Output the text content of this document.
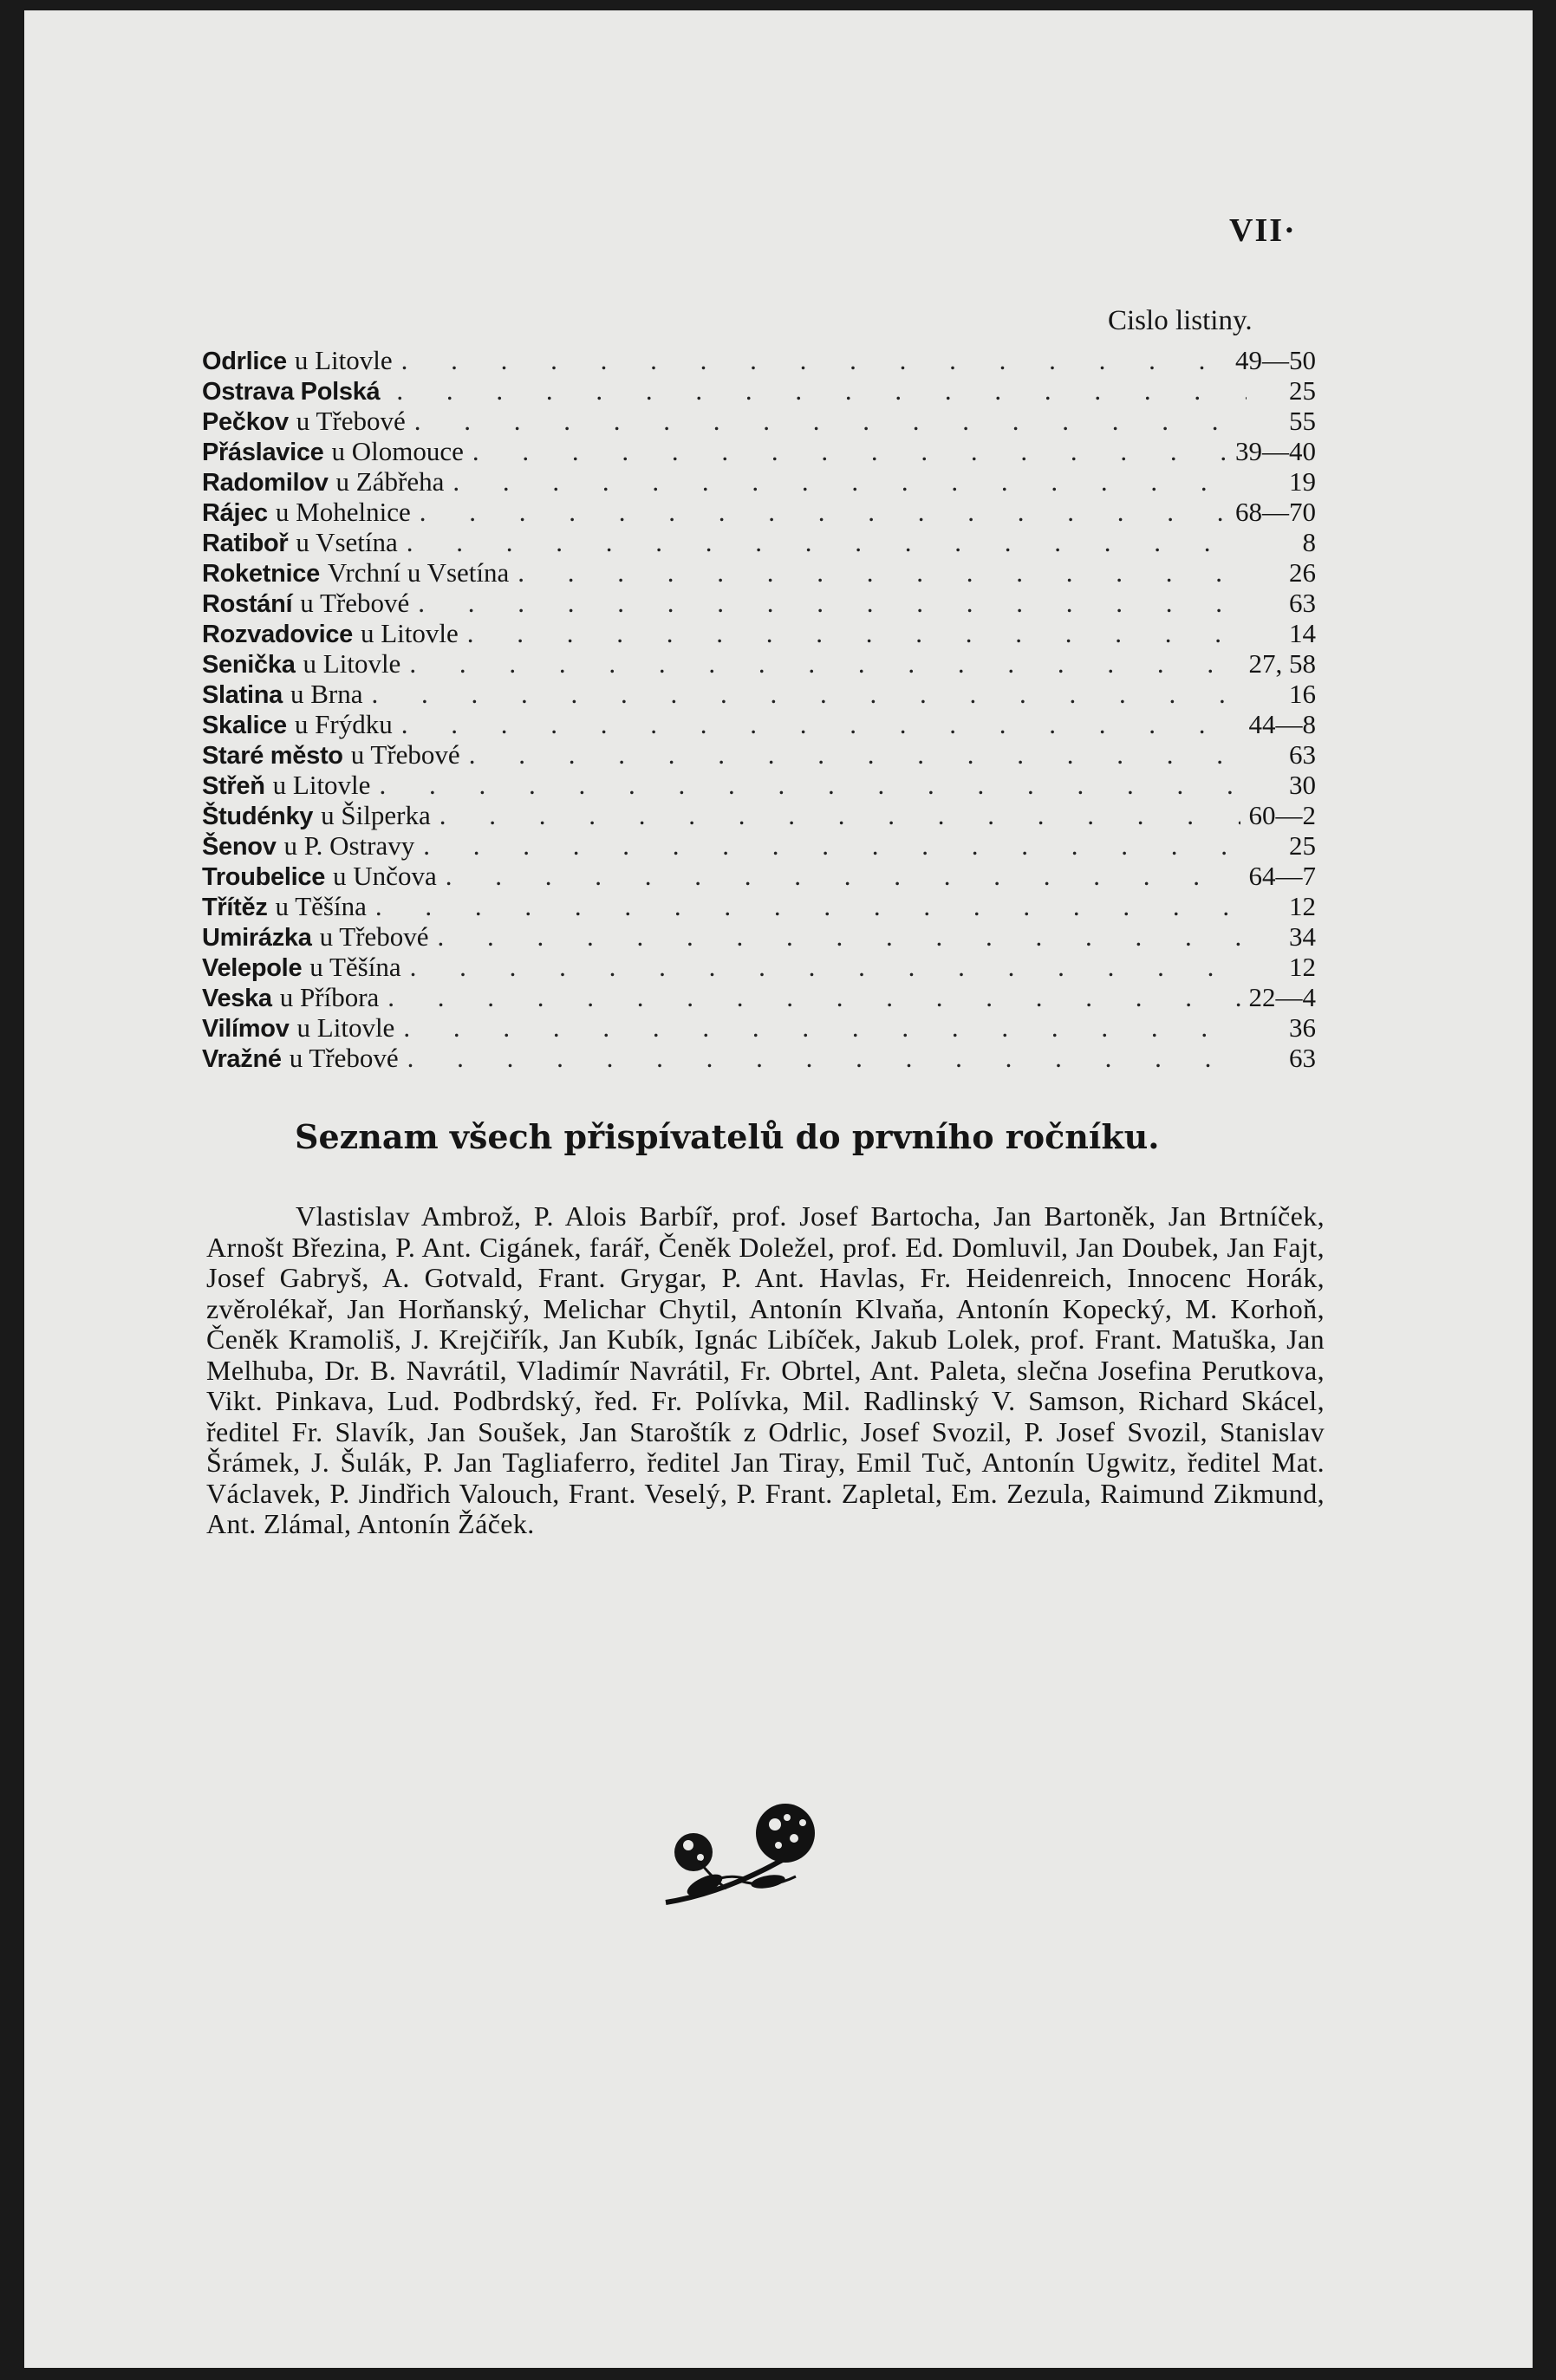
VII·
Cislo listiny.
Odrlice u Litovle . . .	49—50
Ostrava Polská . . .	25
Pečkov u Třebové . . .	55
Přáslavice u Olomouce . . .	39—40
Radomilov u Zábřeha . . .	19
Rájec u Mohelnice . . .	68—70
Ratiboř u Vsetína . . .	8
Roketnice Vrchní u Vsetína . . .	26
Rostání u Třebové . . .	63
Rozvadovice u Litovle . . .	14
Senička u Litovle . . .	27, 58
Slatina u Brna . . .	16
Skalice u Frýdku . . .	44—8
Staré město u Třebové . . .	63
Střeň u Litovle . . .	30
Študénky u Šilperka . . .	60—2
Šenov u P. Ostravy . . .	25
Troubelice u Unčova . . .	64—7
Třítěz u Těšína . . .	12
Umirázka u Třebové . . .	34
Velepole u Těšína . . .	12
Veska u Příbora . . .	22—4
Vilímov u Litovle . . .	36
Vražné u Třebové . . .	63
Seznam všech přispívatelů do prvního ročníku.

Vlastislav Ambrož, P. Alois Barbíř, prof. Josef Bartocha, Jan Bartoněk, Jan Brtníček, Arnošt Březina, P. Ant. Cigánek, farář, Čeněk Doležel, prof. Ed. Domluvil, Jan Doubek, Jan Fajt, Josef Gabryš, A. Gotvald, Frant. Grygar, P. Ant. Havlas, Fr. Heidenreich, Innocenc Horák, zvěrolékař, Jan Horňanský, Melichar Chytil, Antonín Klvaňa, Antonín Kopecký, M. Korhoň, Čeněk Kramoliš, J. Krejčiřík, Jan Kubík, Ignác Libíček, Jakub Lolek, prof. Frant. Matuška, Jan Melhuba, Dr. B. Navrátil, Vladimír Navrátil, Fr. Obrtel, Ant. Paleta, slečna Josefina Perutkova, Vikt. Pinkava, Lud. Podbrdský, řed. Fr. Polívka, Mil. Radlinský V. Samson, Richard Skácel, ředitel Fr. Slavík, Jan Soušek, Jan Staroštík z Odrlic, Josef Svozil, P. Josef Svozil, Stanislav Šrámek, J. Šulák, P. Jan Tagliaferro, ředitel Jan Tiray, Emil Tuč, Antonín Ugwitz, ředitel Mat. Václavek, P. Jindřich Valouch, Frant. Veselý, P. Frant. Zapletal, Em. Zezula, Raimund Zikmund, Ant. Zlámal, Antonín Žáček.
